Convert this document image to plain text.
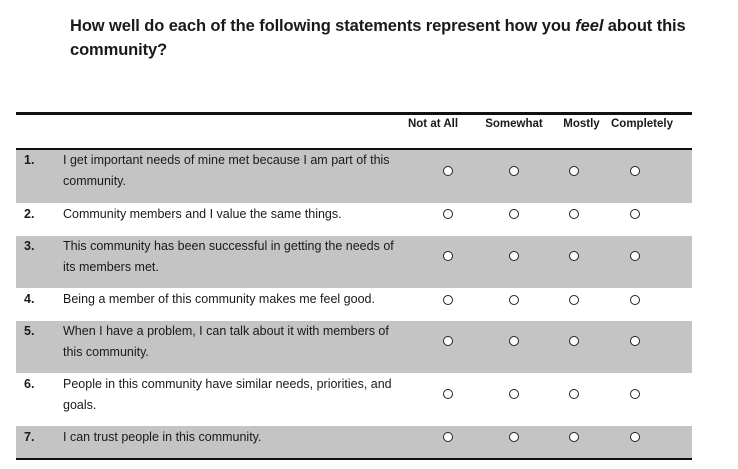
How well do each of the following statements represent how you feel about this community?
Not at All	Somewhat	Mostly Completely
1. I get important needs of mine met because I am part of this community.
2. Community members and I value the same things.
3. This community has been successful in getting the needs of its members met.
4. Being a member of this community makes me feel good.
5. When I have a problem, I can talk about it with members of this community.
6. People in this community have similar needs, priorities, and goals.
7. I can trust people in this community.
